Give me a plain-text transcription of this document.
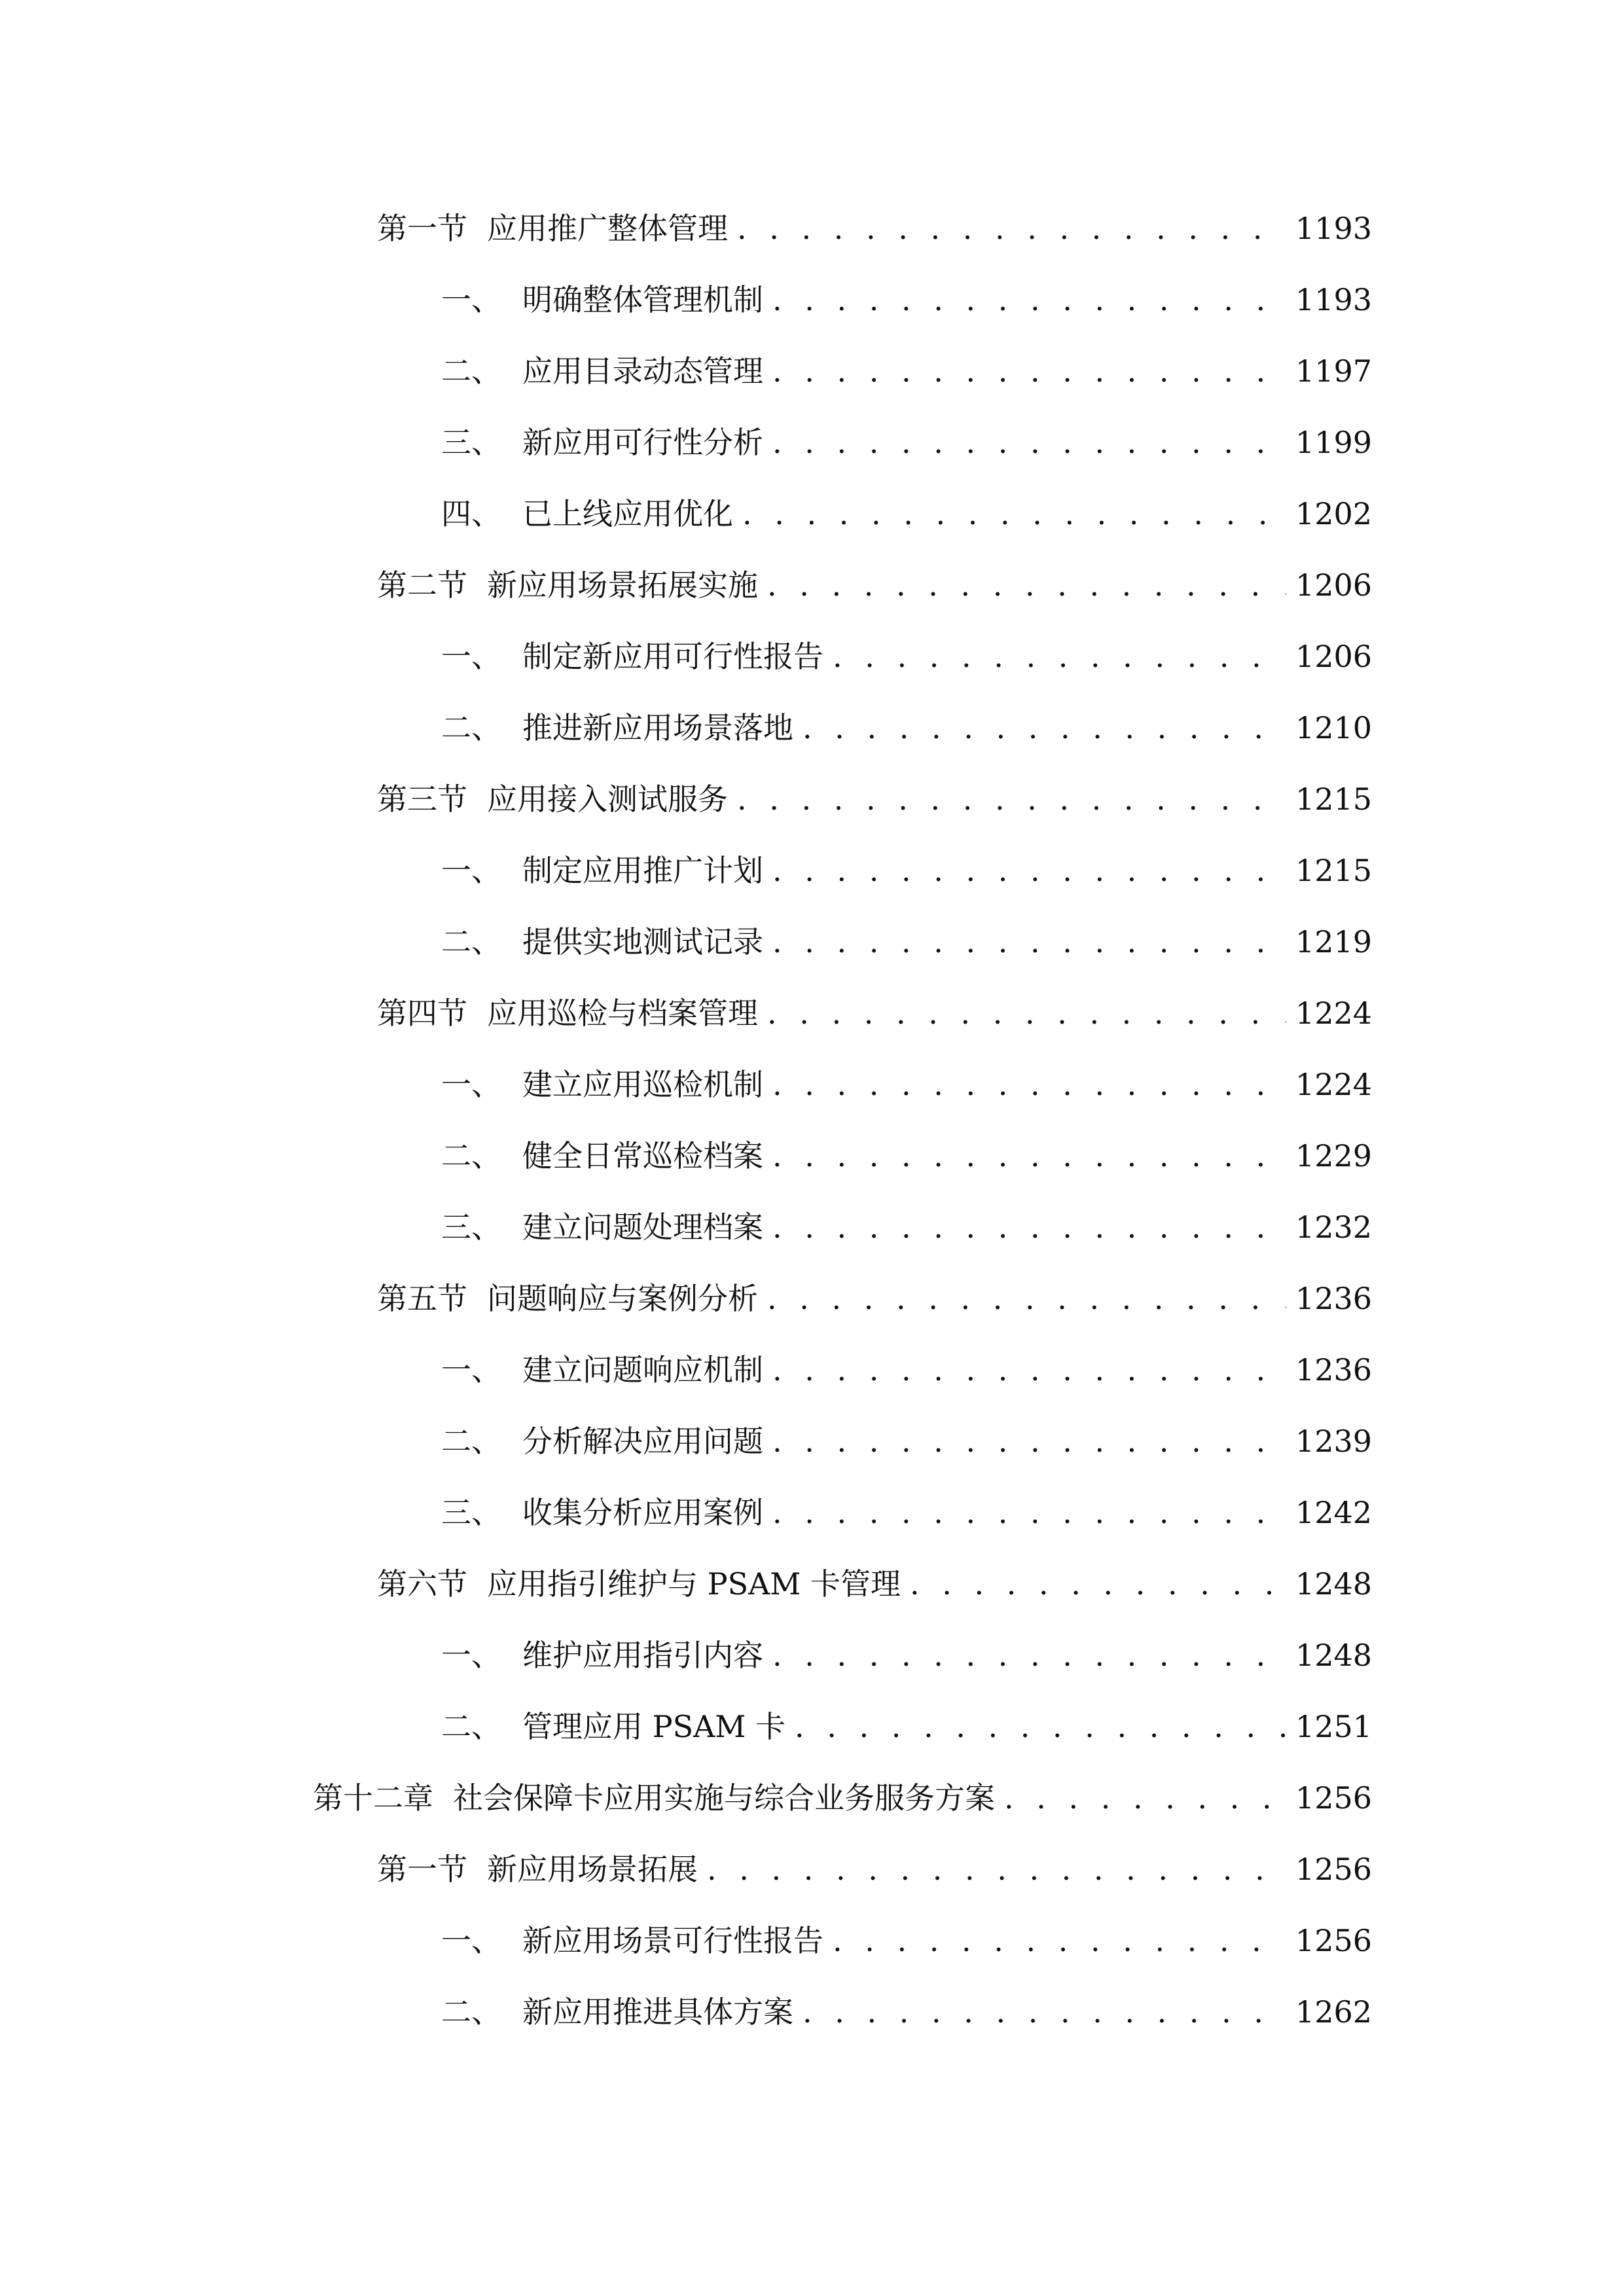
第一节 应用推广整体管理 . . .	1193
一、 明确整体管理机制 . . .	1193
二、 应用目录动态管理 . . .	1197
三、 新应用可行性分析 . . .	1199
四、 已上线应用优化 . . .	1202
第二节 新应用场景拓展实施 . . .	1206
一、 制定新应用可行性报告 . . .	1206
二、 推进新应用场景落地 . . .	1210
第三节 应用接入测试服务 . . .	1215
一、 制定应用推广计划 . . .	1215
二、 提供实地测试记录 . . .	1219
第四节 应用巡检与档案管理 . . .	1224
一、 建立应用巡检机制 . . .	1224
二、 健全日常巡检档案 . . .	1229
三、 建立问题处理档案 . . .	1232
第五节 问题响应与案例分析 . . .	1236
一、 建立问题响应机制 . . .	1236
二、 分析解决应用问题 . . .	1239
三、 收集分析应用案例 . . .	1242
第六节 应用指引维护与 PSAM 卡管理 . . .	1248
一、 维护应用指引内容 . . .	1248
二、 管理应用 PSAM 卡 . . .	1251
第十二章 社会保障卡应用实施与综合业务服务方案 . . .	1256
第一节 新应用场景拓展 . . .	1256
一、 新应用场景可行性报告 . . .	1256
二、 新应用推进具体方案 . . .	1262
